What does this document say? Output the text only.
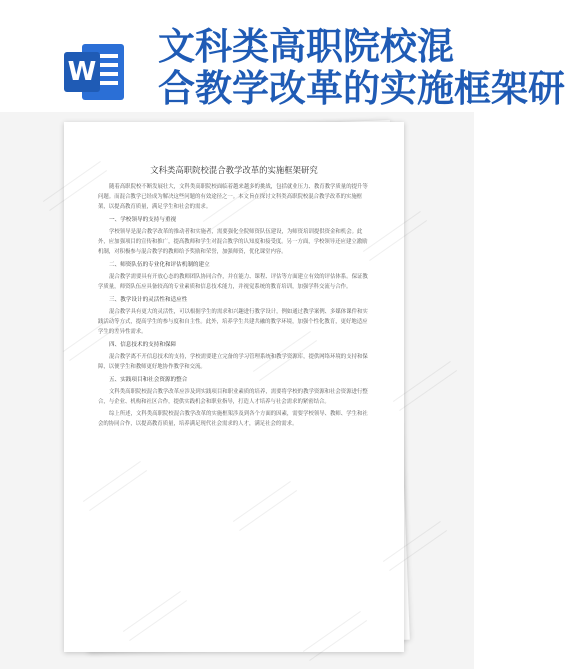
W
文科类高职院校混
合教学改革的实施框架研
文科类高职院校混合教学改革的实施框架研究

随着高职院校不断发展壮大，文科类高职院校面临着越来越多的挑战，包括就业压力、教育教学质量的提升等问题。而混合教学已经成为解决这些问题的有效途径之一。本文旨在探讨文科类高职院校混合教学改革的实施框架，以提高教育质量，满足学生和社会的需求。

一、学校领导的支持与重视

学校领导是混合教学改革的推动者和实施者，需要强化全院师资队伍建设，为师资培训提供资金和机会。此外，应加强项目的宣传和推广，提高教师和学生对混合教学的认知度和接受度。另一方面，学校领导还应建立激励机制，对积极参与混合教学的教师给予奖励和荣誉，加强师资，优化课堂内容。

二、师资队伍的专业化和评估机制的建立

混合教学需要具有开放心态的教师团队协同合作，并在能力、课程、评估等方面建立有效的评估体系。保证教学质量，师资队伍应具备较高的专业素质和信息技术能力，并视觉系统的教育培训，加强学科交流与合作。

三、教学设计的灵活性和适应性

混合教学具有更大的灵活性，可以根据学生的需求和兴趣进行教学设计，例如通过教学案例、多媒体课件和实践活动等方式，提高学生的参与度和自主性。此外，培养学生共建共融的教学环境，加强个性化教育，更好地适应学生的差异性需求。

四、信息技术的支持和保障

混合教学离不开信息技术的支持，学校需要建立完备的学习管理系统和教学资源库，提供网络环境的支持和保障，以便学生和教师更好地协作教学和交流。

五、实践项目和社会资源的整合

文科类高职院校混合教学改革应涉及到实践项目和职业素质的培养，需要将学校的教学资源和社会资源进行整合，与企业、机构和社区合作，提供实践机会和职业指导，打造人才培养与社会需求的紧密结合。

综上所述，文科类高职院校混合教学改革的实施框架涉及到各个方面的因素，需要学校领导、教师、学生和社会的协同合作，以提高教育质量，培养满足现代社会需求的人才，满足社会的需求。
